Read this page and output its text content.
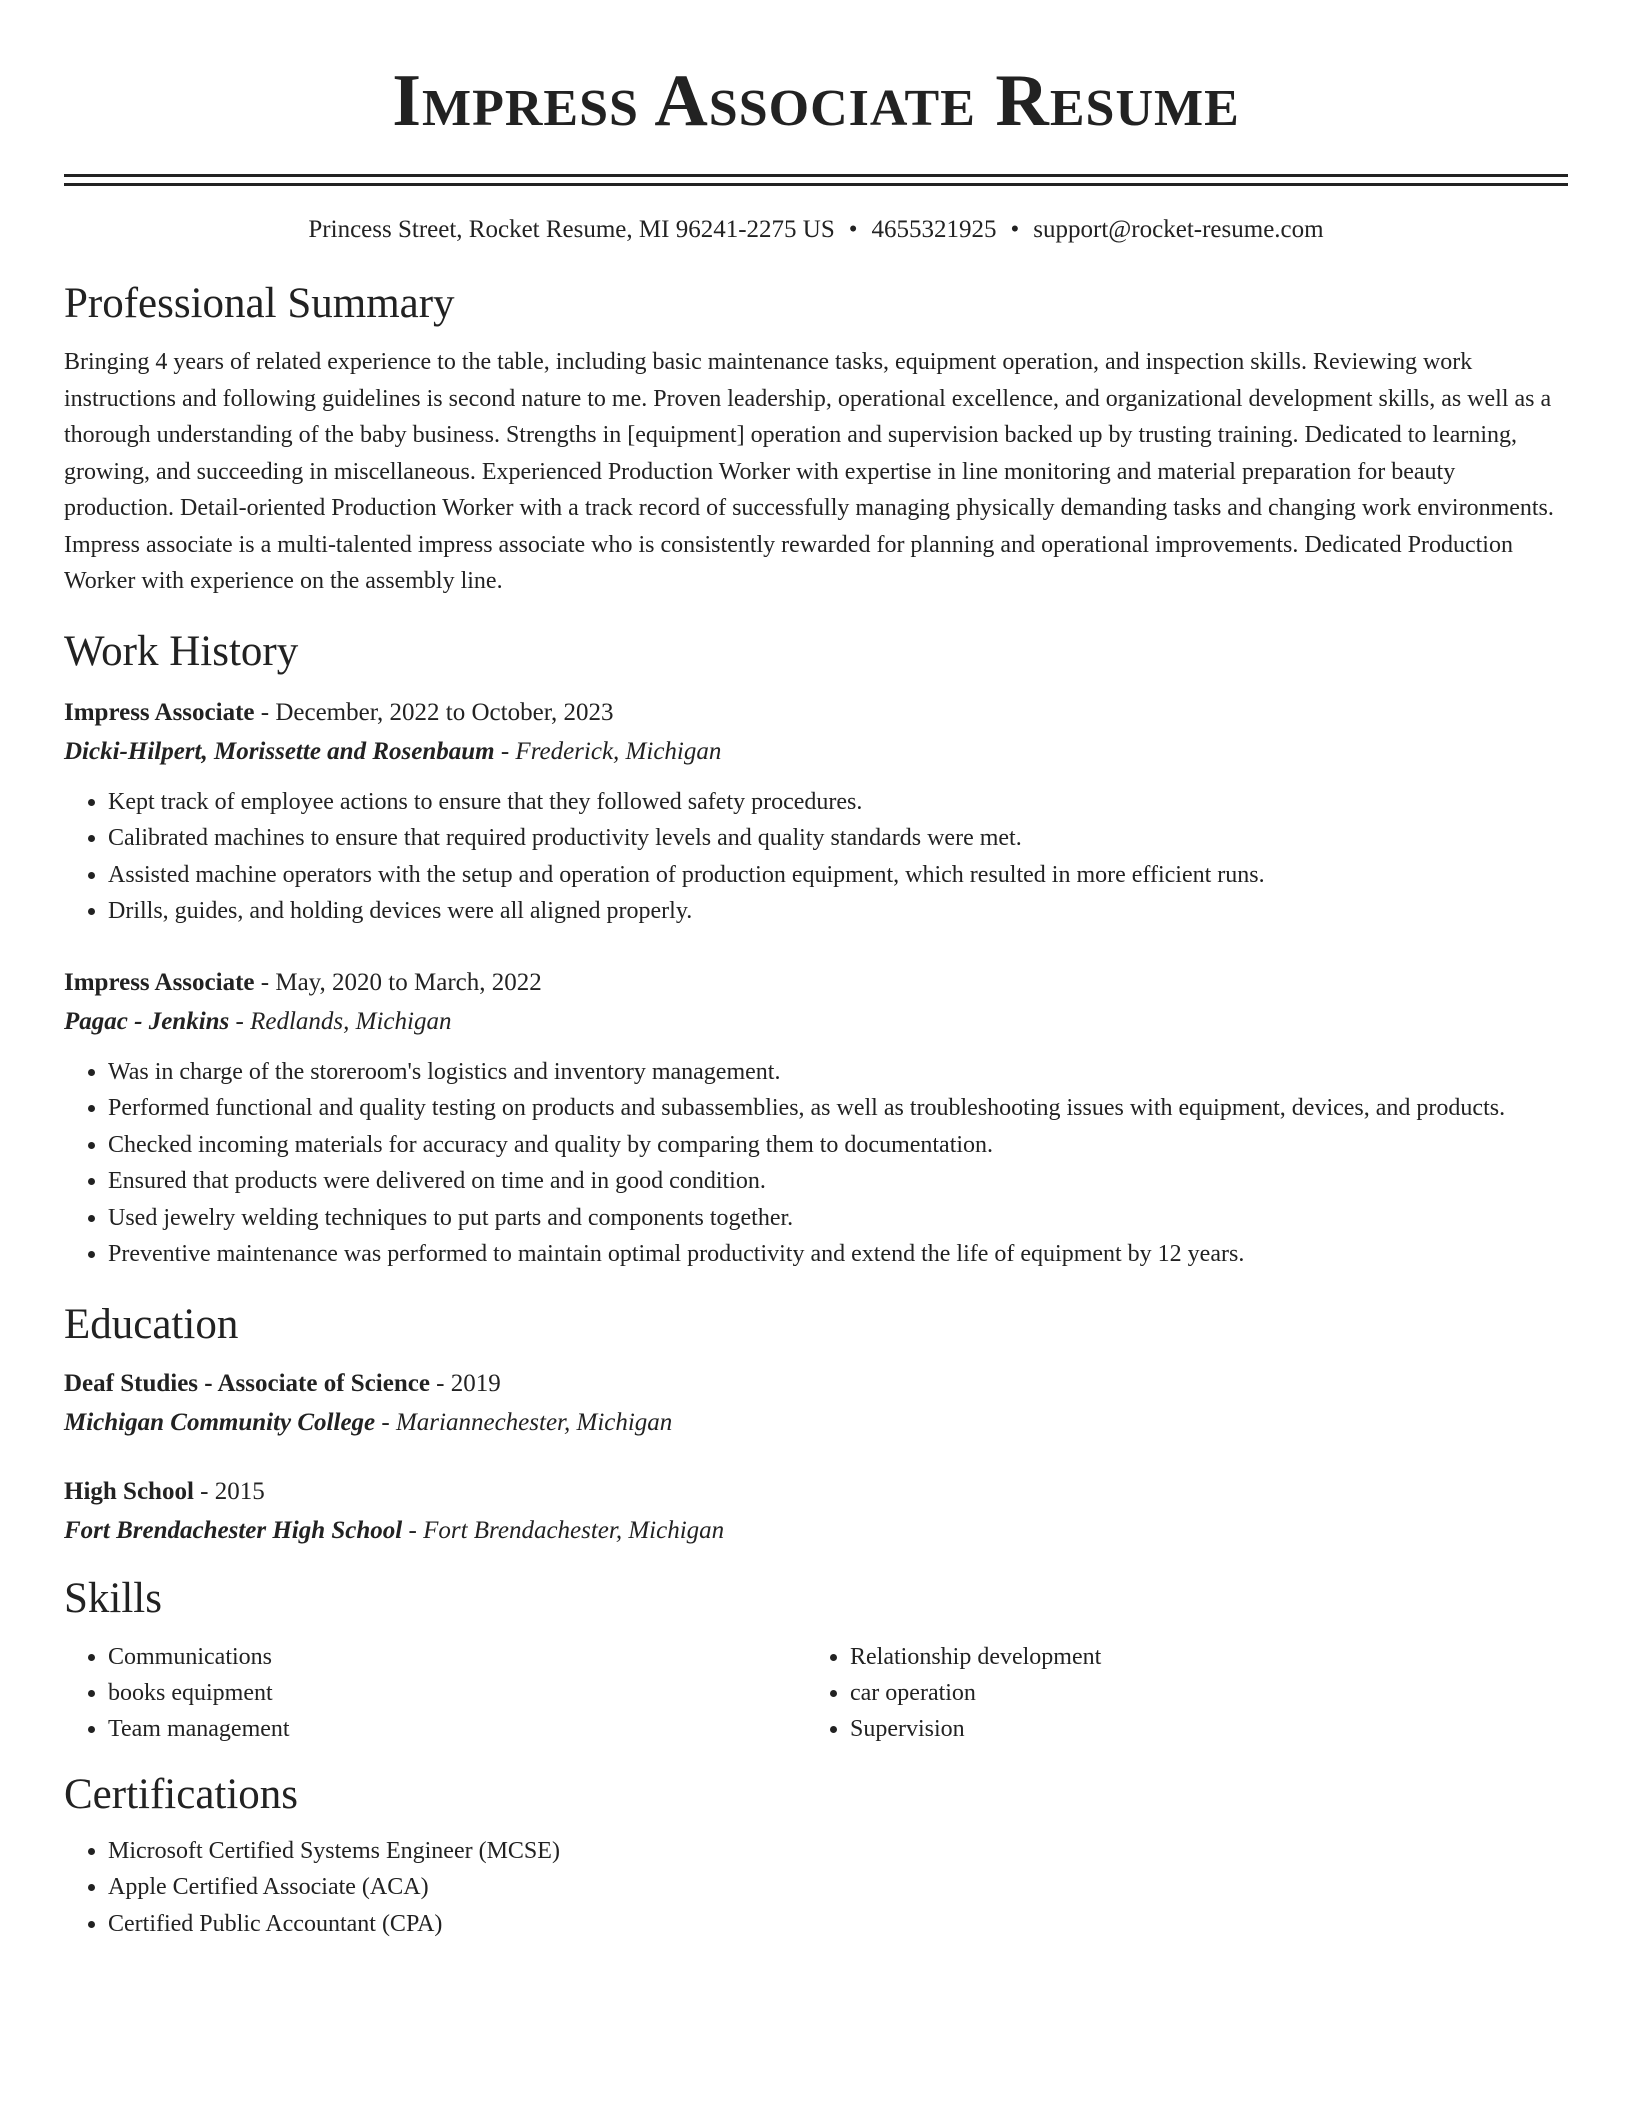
Impress Associate Resume
Princess Street, Rocket Resume, MI 96241-2275 US • 4655321925 • support@rocket-resume.com
Professional Summary
Bringing 4 years of related experience to the table, including basic maintenance tasks, equipment operation, and inspection skills. Reviewing work instructions and following guidelines is second nature to me. Proven leadership, operational excellence, and organizational development skills, as well as a thorough understanding of the baby business. Strengths in [equipment] operation and supervision backed up by trusting training. Dedicated to learning, growing, and succeeding in miscellaneous. Experienced Production Worker with expertise in line monitoring and material preparation for beauty production. Detail-oriented Production Worker with a track record of successfully managing physically demanding tasks and changing work environments. Impress associate is a multi-talented impress associate who is consistently rewarded for planning and operational improvements. Dedicated Production Worker with experience on the assembly line.
Work History
Impress Associate - December, 2022 to October, 2023
Dicki-Hilpert, Morissette and Rosenbaum - Frederick, Michigan
• Kept track of employee actions to ensure that they followed safety procedures.
• Calibrated machines to ensure that required productivity levels and quality standards were met.
• Assisted machine operators with the setup and operation of production equipment, which resulted in more efficient runs.
• Drills, guides, and holding devices were all aligned properly.
Impress Associate - May, 2020 to March, 2022
Pagac - Jenkins - Redlands, Michigan
• Was in charge of the storeroom's logistics and inventory management.
• Performed functional and quality testing on products and subassemblies, as well as troubleshooting issues with equipment, devices, and products.
• Checked incoming materials for accuracy and quality by comparing them to documentation.
• Ensured that products were delivered on time and in good condition.
• Used jewelry welding techniques to put parts and components together.
• Preventive maintenance was performed to maintain optimal productivity and extend the life of equipment by 12 years.
Education
Deaf Studies - Associate of Science - 2019
Michigan Community College - Mariannechester, Michigan
High School - 2015
Fort Brendachester High School - Fort Brendachester, Michigan
Skills
• Communications
• books equipment
• Team management
• Relationship development
• car operation
• Supervision
Certifications
• Microsoft Certified Systems Engineer (MCSE)
• Apple Certified Associate (ACA)
• Certified Public Accountant (CPA)
